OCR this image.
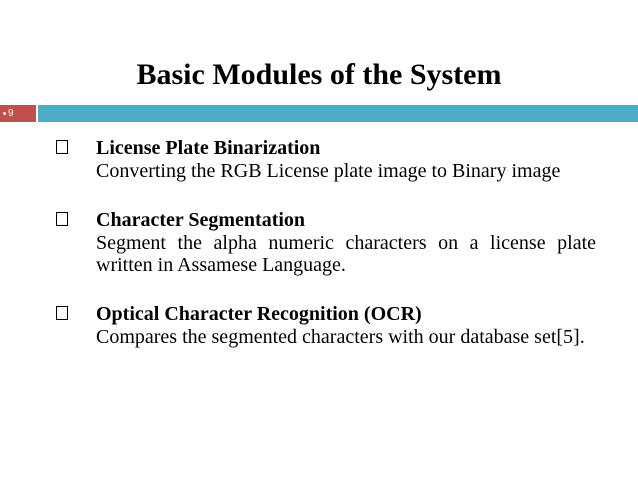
Basic Modules of the System
9
License Plate Binarization
Converting the RGB License plate image to Binary image
Character Segmentation
Segment the alpha numeric characters on a license plate written in Assamese Language.
Optical Character Recognition (OCR)
Compares the segmented characters with our database set[5].
